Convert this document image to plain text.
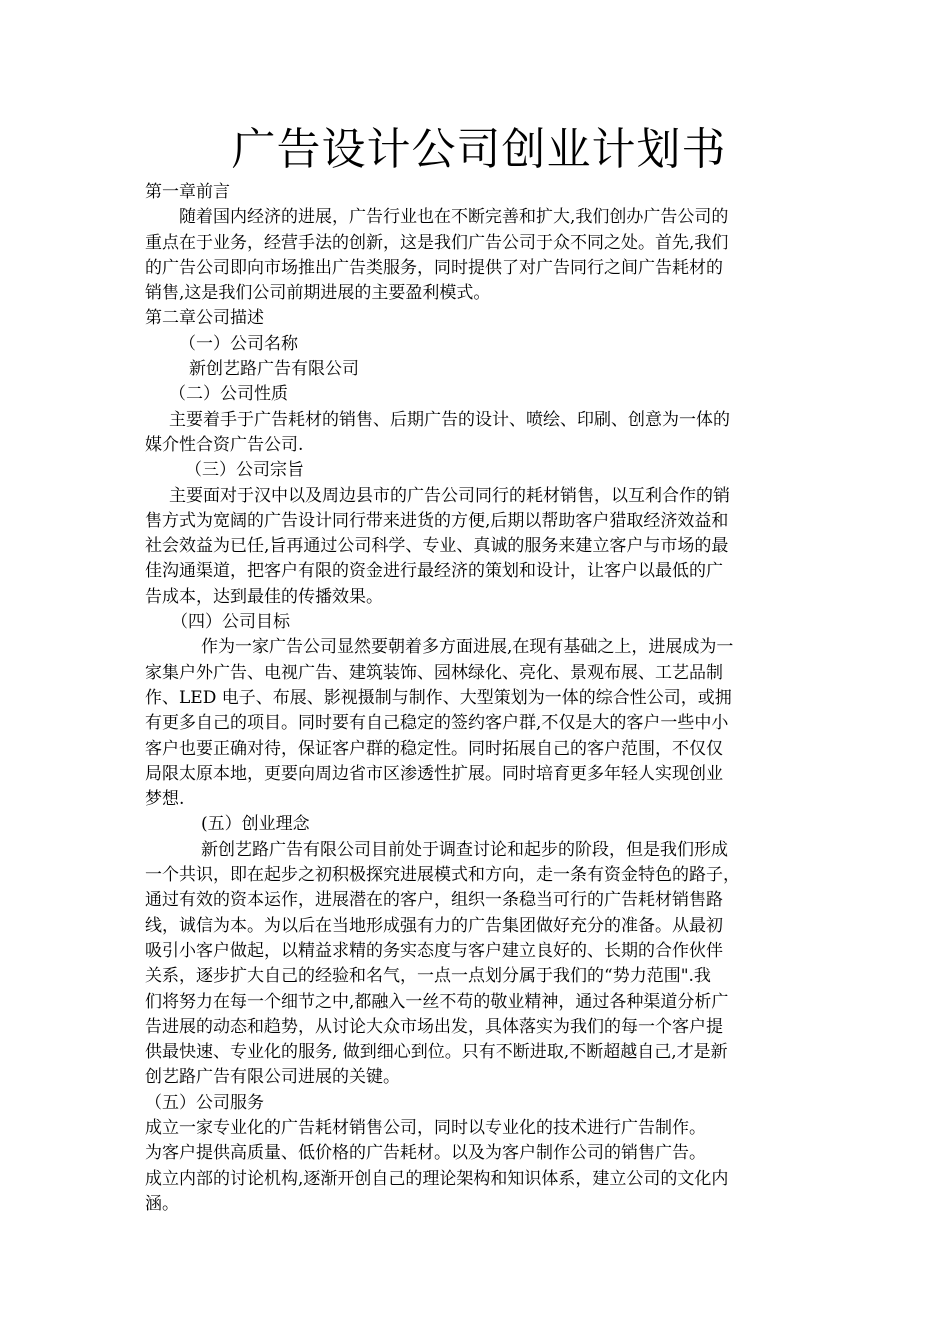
广告设计公司创业计划书

第一章前言

随着国内经济的进展，广告行业也在不断完善和扩大,我们创办广告公司的

重点在于业务，经营手法的创新，这是我们广告公司于众不同之处。首先,我们

的广告公司即向市场推出广告类服务，同时提供了对广告同行之间广告耗材的

销售,这是我们公司前期进展的主要盈利模式。

第二章公司描述

（一）公司名称

新创艺路广告有限公司

（二）公司性质

主要着手于广告耗材的销售、后期广告的设计、喷绘、印刷、创意为一体的

媒介性合资广告公司.

（三）公司宗旨

主要面对于汉中以及周边县市的广告公司同行的耗材销售，以互利合作的销

售方式为宽阔的广告设计同行带来进货的方便,后期以帮助客户猎取经济效益和

社会效益为已任,旨再通过公司科学、专业、真诚的服务来建立客户与市场的最

佳沟通渠道，把客户有限的资金进行最经济的策划和设计，让客户以最低的广

告成本，达到最佳的传播效果。

（四）公司目标

作为一家广告公司显然要朝着多方面进展,在现有基础之上，进展成为一

家集户外广告、电视广告、建筑装饰、园林绿化、亮化、景观布展、工艺品制

作、LED 电子、布展、影视摄制与制作、大型策划为一体的综合性公司，或拥

有更多自己的项目。同时要有自己稳定的签约客户群,不仅是大的客户一些中小

客户也要正确对待，保证客户群的稳定性。同时拓展自己的客户范围，不仅仅

局限太原本地，更要向周边省市区渗透性扩展。同时培育更多年轻人实现创业

梦想.

(五）创业理念

新创艺路广告有限公司目前处于调查讨论和起步的阶段，但是我们形成

一个共识，即在起步之初积极探究进展模式和方向，走一条有资金特色的路子，

通过有效的资本运作，进展潜在的客户，组织一条稳当可行的广告耗材销售路

线，诚信为本。为以后在当地形成强有力的广告集团做好充分的准备。从最初

吸引小客户做起，以精益求精的务实态度与客户建立良好的、长期的合作伙伴

关系，逐步扩大自己的经验和名气，一点一点划分属于我们的“势力范围".我

们将努力在每一个细节之中,都融入一丝不苟的敬业精神，通过各种渠道分析广

告进展的动态和趋势，从讨论大众市场出发，具体落实为我们的每一个客户提

供最快速、专业化的服务, 做到细心到位。只有不断进取,不断超越自己,才是新

创艺路广告有限公司进展的关键。

（五）公司服务

成立一家专业化的广告耗材销售公司，同时以专业化的技术进行广告制作。

为客户提供高质量、低价格的广告耗材。以及为客户制作公司的销售广告。

成立内部的讨论机构,逐渐开创自己的理论架构和知识体系，建立公司的文化内

涵。
